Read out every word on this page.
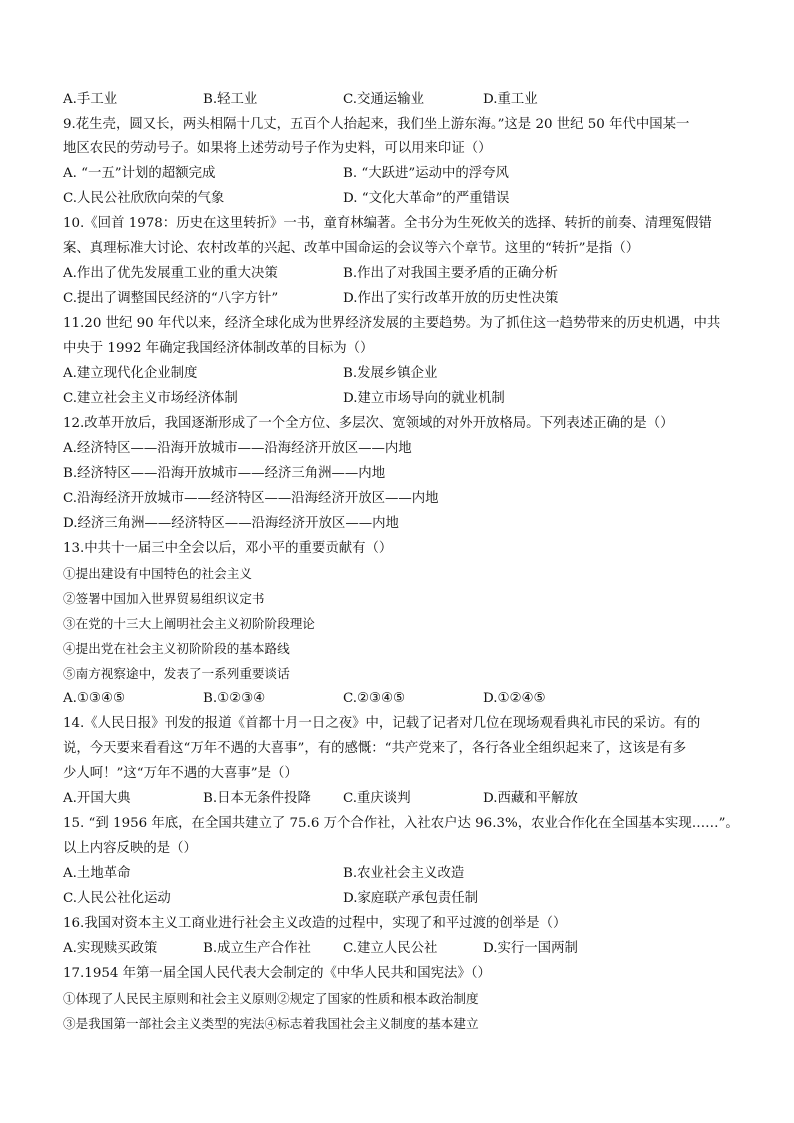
A.手工业	B.轻工业	C.交通运输业	D.重工业
9.花生壳，圆又长，两头相隔十几丈，五百个人抬起来，我们坐上游东海。”这是 20 世纪 50 年代中国某一
地区农民的劳动号子。如果将上述劳动号子作为史料，可以用来印证（）
A. “一五”计划的超额完成	B. “大跃进”运动中的浮夸风
C.人民公社欣欣向荣的气象	D. “文化大革命”的严重错误
10.《回首 1978：历史在这里转折》一书，童育林编著。全书分为生死攸关的选择、转折的前奏、清理冤假错
案、真理标准大讨论、农村改革的兴起、改革中国命运的会议等六个章节。这里的“转折”是指（）
A.作出了优先发展重工业的重大决策	B.作出了对我国主要矛盾的正确分析
C.提出了调整国民经济的“八字方针”	D.作出了实行改革开放的历史性决策
11.20 世纪 90 年代以来，经济全球化成为世界经济发展的主要趋势。为了抓住这一趋势带来的历史机遇，中共
中央于 1992 年确定我国经济体制改革的目标为（）
A.建立现代化企业制度	B.发展乡镇企业
C.建立社会主义市场经济体制	D.建立市场导向的就业机制
12.改革开放后，我国逐渐形成了一个全方位、多层次、宽领域的对外开放格局。下列表述正确的是（）
A.经济特区——沿海开放城市——沿海经济开放区——内地
B.经济特区——沿海开放城市——经济三角洲——内地
C.沿海经济开放城市——经济特区——沿海经济开放区——内地
D.经济三角洲——经济特区——沿海经济开放区——内地
13.中共十一届三中全会以后，邓小平的重要贡献有（）
①提出建设有中国特色的社会主义
②签署中国加入世界贸易组织议定书
③在党的十三大上阐明社会主义初阶阶段理论
④提出党在社会主义初阶阶段的基本路线
⑤南方视察途中，发表了一系列重要谈话
A.①③④⑤	B.①②③④	C.②③④⑤	D.①②④⑤
14.《人民日报》刊发的报道《首都十月一日之夜》中，记载了记者对几位在现场观看典礼市民的采访。有的
说，今天要来看看这“万年不遇的大喜事”，有的感慨：“共产党来了，各行各业全组织起来了，这该是有多
少人呵！”这“万年不遇的大喜事”是（）
A.开国大典	B.日本无条件投降 C.重庆谈判	D.西藏和平解放
15. “到 1956 年底，在全国共建立了 75.6 万个合作社，入社农户达 96.3%，农业合作化在全国基本实现……”。
以上内容反映的是（）
A.土地革命	B.农业社会主义改造
C.人民公社化运动	D.家庭联产承包责任制
16.我国对资本主义工商业进行社会主义改造的过程中，实现了和平过渡的创举是（）
A.实现赎买政策	B.成立生产合作社 C.建立人民公社	D.实行一国两制
17.1954 年第一届全国人民代表大会制定的《中华人民共和国宪法》（）
①体现了人民民主原则和社会主义原则②规定了国家的性质和根本政治制度
③是我国第一部社会主义类型的宪法④标志着我国社会主义制度的基本建立
